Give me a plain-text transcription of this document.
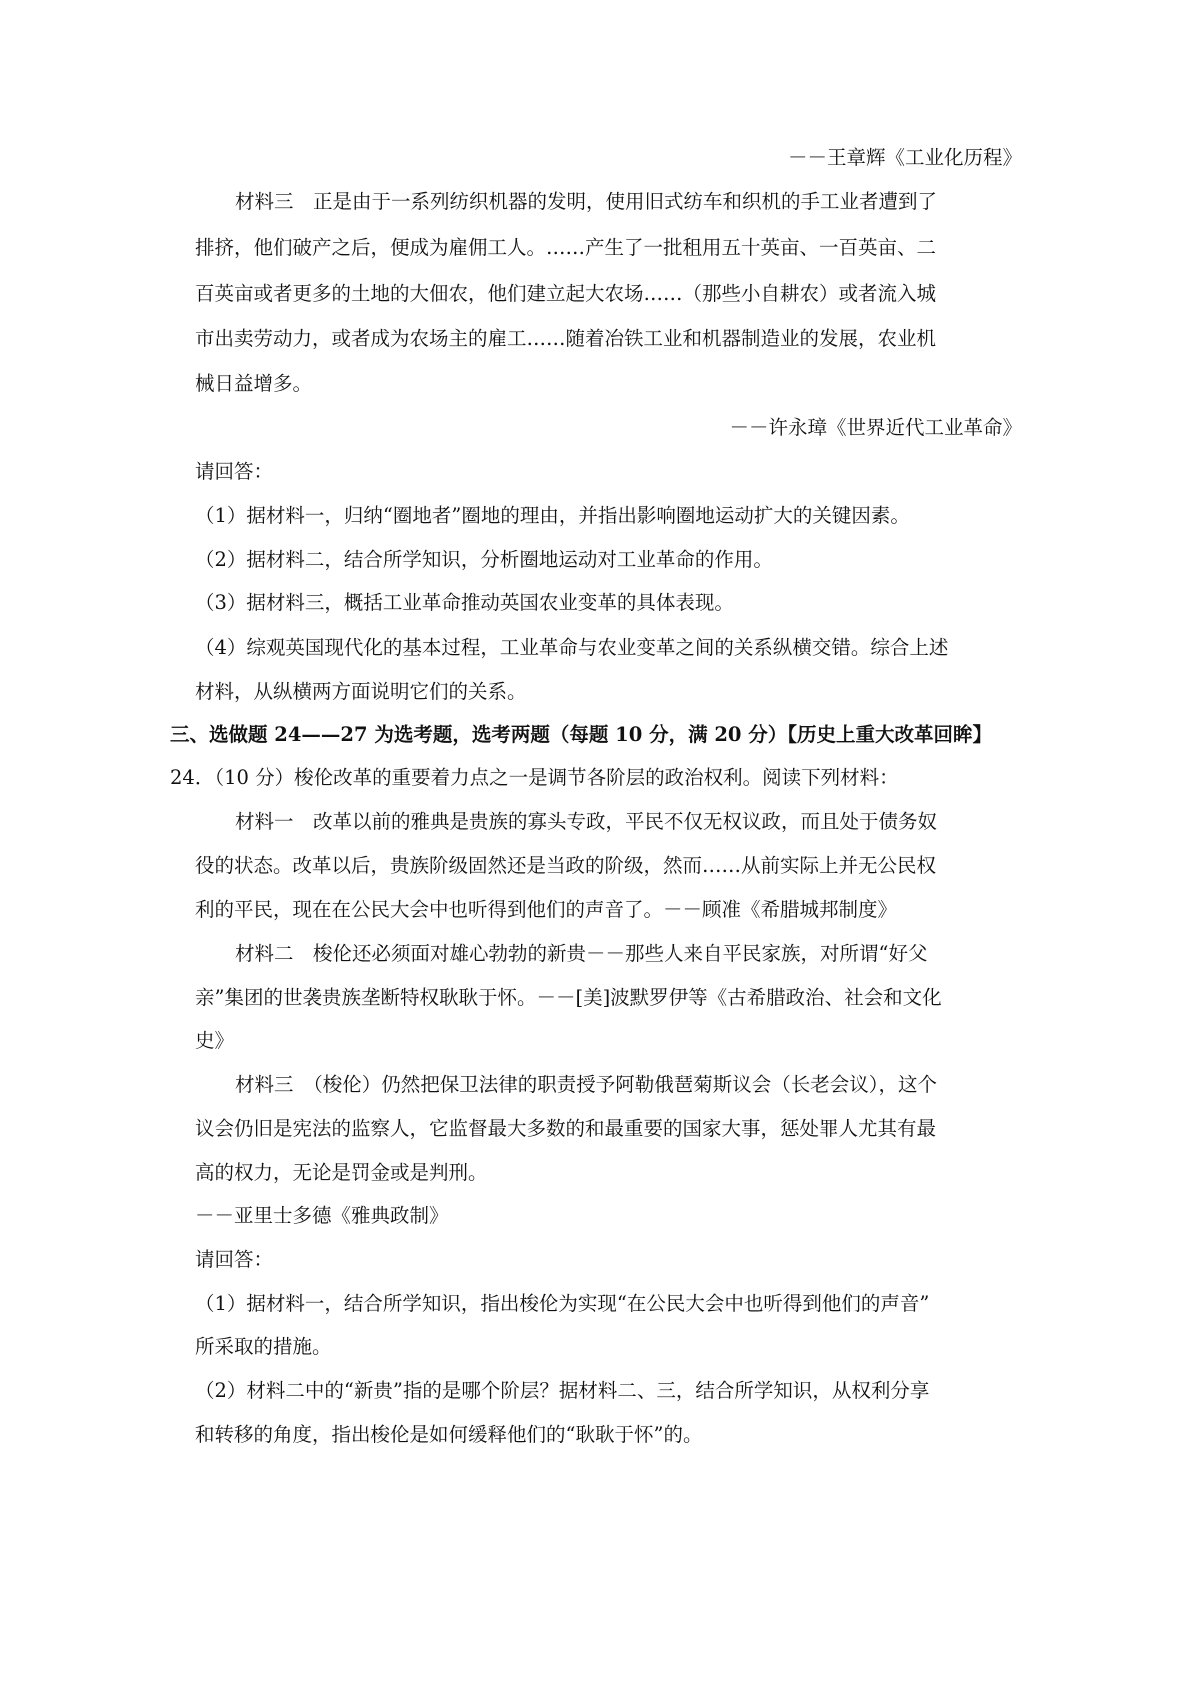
－－王章辉《工业化历程》
材料三　正是由于一系列纺织机器的发明，使用旧式纺车和织机的手工业者遭到了
排挤，他们破产之后，便成为雇佣工人。……产生了一批租用五十英亩、一百英亩、二
百英亩或者更多的土地的大佃农，他们建立起大农场……（那些小自耕农）或者流入城
市出卖劳动力，或者成为农场主的雇工……随着冶铁工业和机器制造业的发展，农业机
械日益增多。
－－许永璋《世界近代工业革命》
请回答：
（1）据材料一，归纳“圈地者”圈地的理由，并指出影响圈地运动扩大的关键因素。
（2）据材料二，结合所学知识，分析圈地运动对工业革命的作用。
（3）据材料三，概括工业革命推动英国农业变革的具体表现。
（4）综观英国现代化的基本过程，工业革命与农业变革之间的关系纵横交错。综合上述
材料，从纵横两方面说明它们的关系。
三、选做题 24——27 为选考题，选考两题（每题 10 分，满 20 分）【历史上重大改革回眸】
24．（10 分）梭伦改革的重要着力点之一是调节各阶层的政治权利。阅读下列材料：
材料一　改革以前的雅典是贵族的寡头专政，平民不仅无权议政，而且处于债务奴
役的状态。改革以后，贵族阶级固然还是当政的阶级，然而……从前实际上并无公民权
利的平民，现在在公民大会中也听得到他们的声音了。－－顾准《希腊城邦制度》
材料二　梭伦还必须面对雄心勃勃的新贵－－那些人来自平民家族，对所谓“好父
亲”集团的世袭贵族垄断特权耿耿于怀。－－[美]波默罗伊等《古希腊政治、社会和文化
史》
材料三　（梭伦）仍然把保卫法律的职责授予阿勒俄琶菊斯议会（长老会议），这个
议会仍旧是宪法的监察人，它监督最大多数的和最重要的国家大事，惩处罪人尤其有最
高的权力，无论是罚金或是判刑。
－－亚里士多德《雅典政制》
请回答：
（1）据材料一，结合所学知识，指出梭伦为实现“在公民大会中也听得到他们的声音”
所采取的措施。
（2）材料二中的“新贵”指的是哪个阶层？据材料二、三，结合所学知识，从权利分享
和转移的角度，指出梭伦是如何缓释他们的“耿耿于怀”的。
